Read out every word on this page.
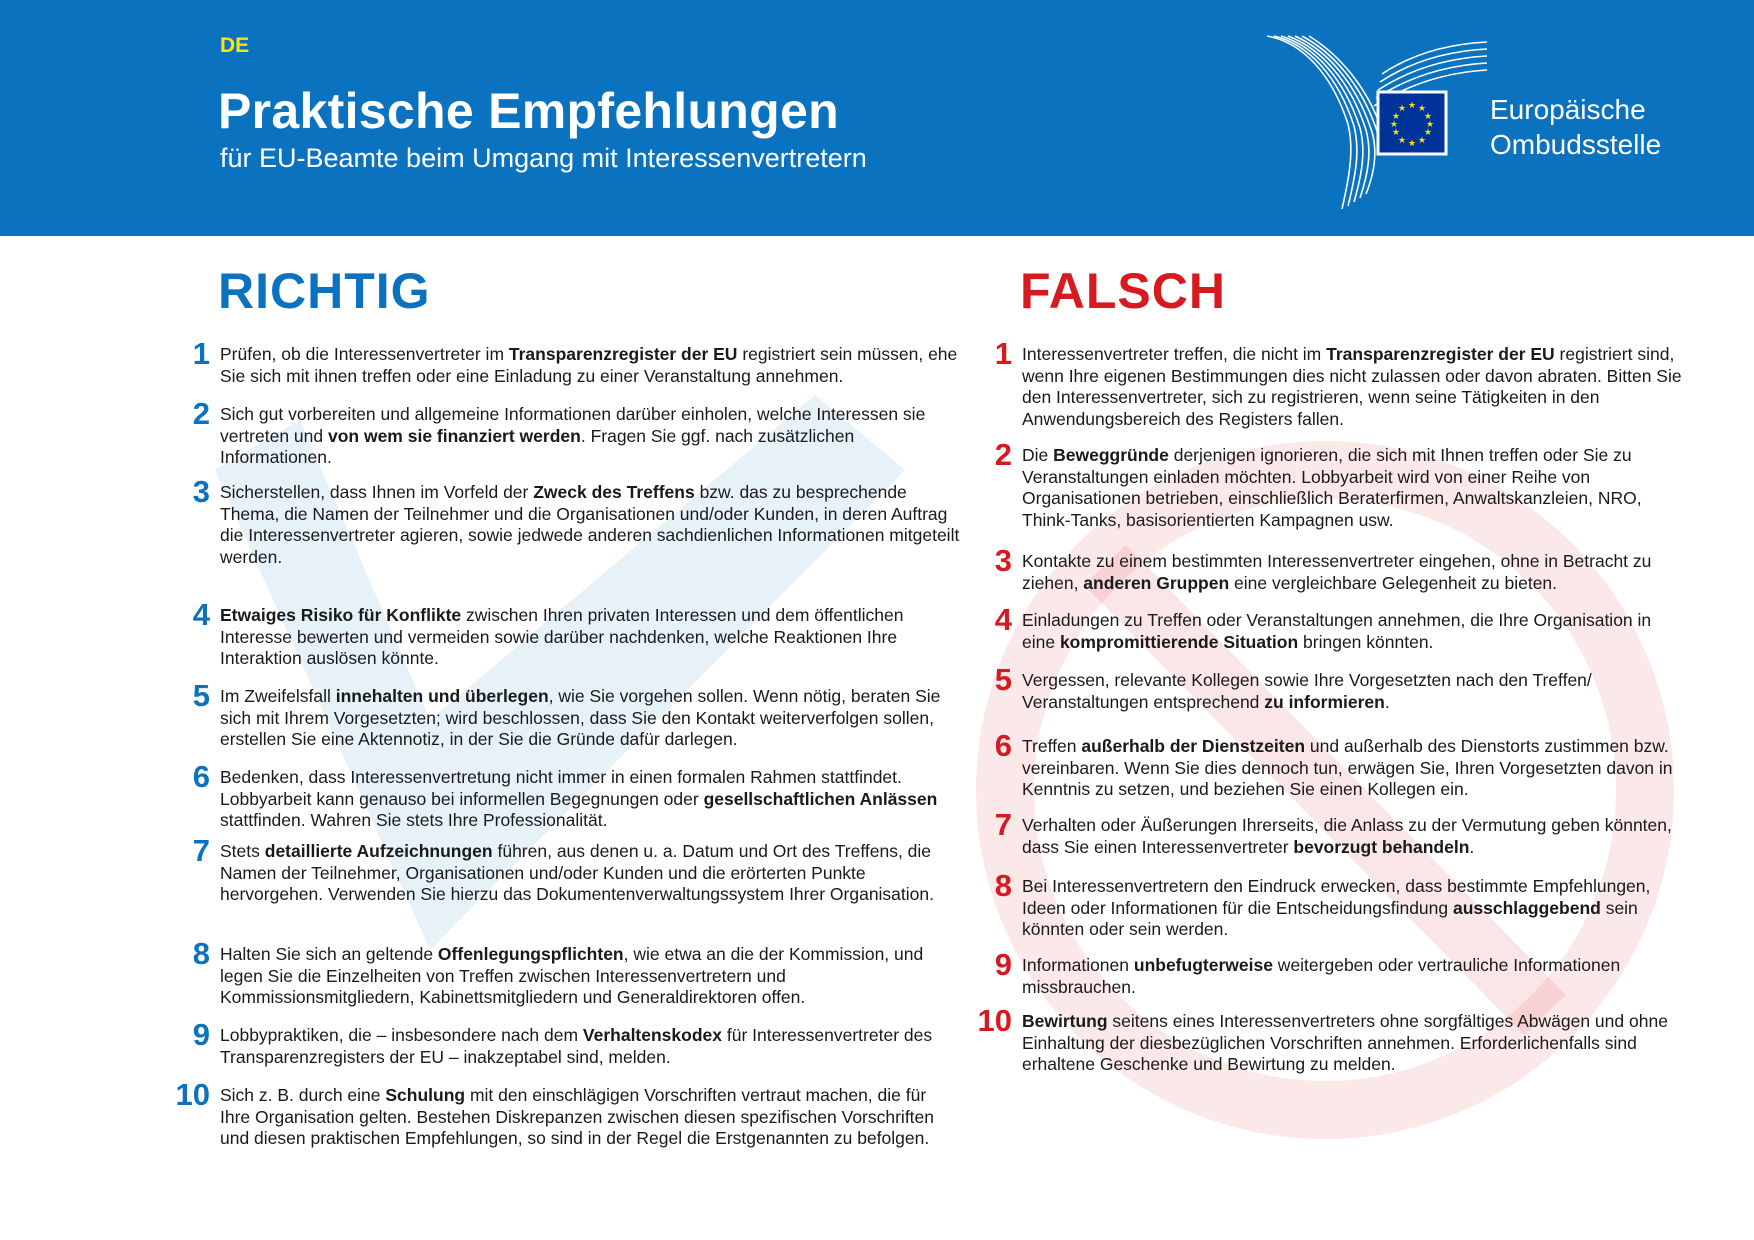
DE
Praktische Empfehlungen
für EU-Beamte beim Umgang mit Interessenvertretern
★ ★
★
★
★
★
★
★
★
★
★
★	Europäische
Ombudsstelle
RICHTIG	FALSCH
1 Prüfen, ob die Interessenvertreter im Transparenzregister der EU registriert sein müssen, ehe Sie sich mit ihnen treffen oder eine Einladung zu einer Veranstaltung annehmen.
2 Sich gut vorbereiten und allgemeine Informationen darüber einholen, welche Interessen sie vertreten und von wem sie finanziert werden. Fragen Sie ggf. nach zusätzlichen Informationen.
3 Sicherstellen, dass Ihnen im Vorfeld der Zweck des Treffens bzw. das zu besprechende Thema, die Namen der Teilnehmer und die Organisationen und/oder Kunden, in deren Auftrag die Interessenvertreter agieren, sowie jedwede anderen sachdienlichen Informationen mitgeteilt werden.
4 Etwaiges Risiko für Konflikte zwischen Ihren privaten Interessen und dem öffentlichen Interesse bewerten und vermeiden sowie darüber nachdenken, welche Reaktionen Ihre Interaktion auslösen könnte.
5 Im Zweifelsfall innehalten und überlegen, wie Sie vorgehen sollen. Wenn nötig, beraten Sie sich mit Ihrem Vorgesetzten; wird beschlossen, dass Sie den Kontakt weiterverfolgen sollen, erstellen Sie eine Aktennotiz, in der Sie die Gründe dafür darlegen.
6 Bedenken, dass Interessenvertretung nicht immer in einen formalen Rahmen stattfindet. Lobbyarbeit kann genauso bei informellen Begegnungen oder gesellschaftlichen Anlässen stattfinden. Wahren Sie stets Ihre Professionalität.
7 Stets detaillierte Aufzeichnungen führen, aus denen u. a. Datum und Ort des Treffens, die Namen der Teilnehmer, Organisationen und/oder Kunden und die erörterten Punkte hervorgehen. Verwenden Sie hierzu das Dokumentenverwaltungssystem Ihrer Organisation.
8 Halten Sie sich an geltende Offenlegungspflichten, wie etwa an die der Kommission, und legen Sie die Einzelheiten von Treffen zwischen Interessenvertretern und Kommissionsmitgliedern, Kabinettsmitgliedern und Generaldirektoren offen.
9 Lobbypraktiken, die – insbesondere nach dem Verhaltenskodex für Interessenvertreter des Transparenzregisters der EU – inakzeptabel sind, melden.
10 Sich z. B. durch eine Schulung mit den einschlägigen Vorschriften vertraut machen, die für Ihre Organisation gelten. Bestehen Diskrepanzen zwischen diesen spezifischen Vorschriften und diesen praktischen Empfehlungen, so sind in der Regel die Erstgenannten zu befolgen.
1 Interessenvertreter treffen, die nicht im Transparenzregister der EU registriert sind, wenn Ihre eigenen Bestimmungen dies nicht zulassen oder davon abraten. Bitten Sie den Interessenvertreter, sich zu registrieren, wenn seine Tätigkeiten in den Anwendungsbereich des Registers fallen.
2 Die Beweggründe derjenigen ignorieren, die sich mit Ihnen treffen oder Sie zu Veranstaltungen einladen möchten. Lobbyarbeit wird von einer Reihe von Organisationen betrieben, einschließlich Beraterfirmen, Anwaltskanzleien, NRO, Think-Tanks, basisorientierten Kampagnen usw.
3 Kontakte zu einem bestimmten Interessenvertreter eingehen, ohne in Betracht zu ziehen, anderen Gruppen eine vergleichbare Gelegenheit zu bieten.
4 Einladungen zu Treffen oder Veranstaltungen annehmen, die Ihre Organisation in eine kompromittierende Situation bringen könnten.
5 Vergessen, relevante Kollegen sowie Ihre Vorgesetzten nach den Treffen/ Veranstaltungen entsprechend zu informieren.
6 Treffen außerhalb der Dienstzeiten und außerhalb des Dienstorts zustimmen bzw. vereinbaren. Wenn Sie dies dennoch tun, erwägen Sie, Ihren Vorgesetzten davon in Kenntnis zu setzen, und beziehen Sie einen Kollegen ein.
7 Verhalten oder Äußerungen Ihrerseits, die Anlass zu der Vermutung geben könnten, dass Sie einen Interessenvertreter bevorzugt behandeln.
8 Bei Interessenvertretern den Eindruck erwecken, dass bestimmte Empfehlungen, Ideen oder Informationen für die Entscheidungsfindung ausschlaggebend sein könnten oder sein werden.
9 Informationen unbefugterweise weitergeben oder vertrauliche Informationen missbrauchen.
10 Bewirtung seitens eines Interessenvertreters ohne sorgfältiges Abwägen und ohne Einhaltung der diesbezüglichen Vorschriften annehmen. Erforderlichenfalls sind erhaltene Geschenke und Bewirtung zu melden.
